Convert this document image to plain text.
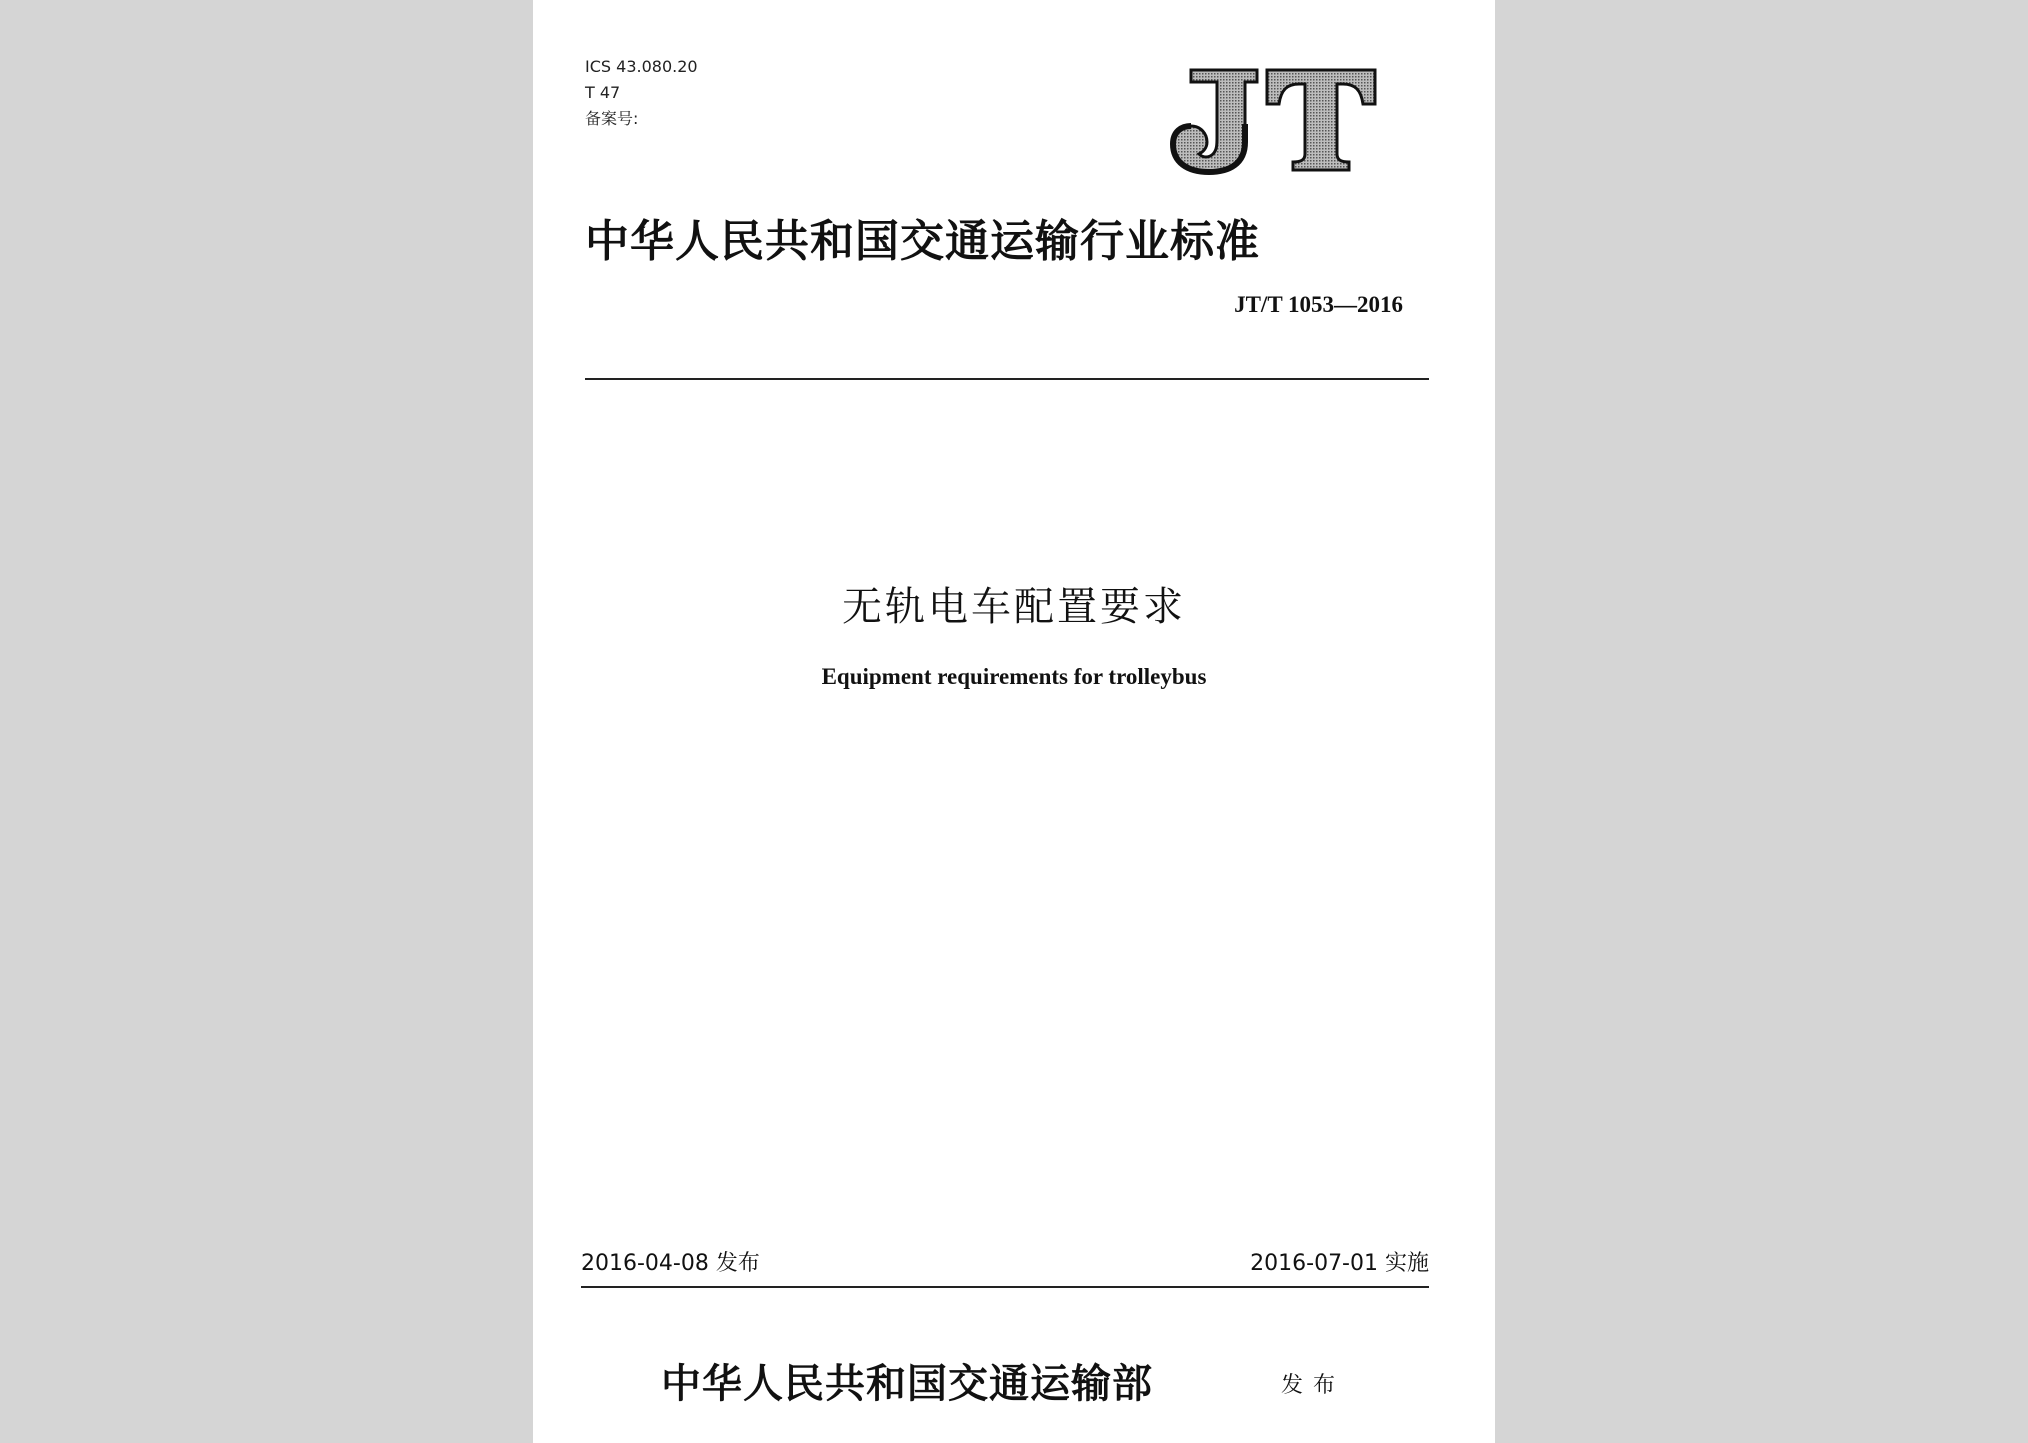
ICS 43.080.20
T 47
备案号:
中华人民共和国交通运输行业标准
JT/T 1053—2016
无轨电车配置要求
Equipment requirements for trolleybus
2016-04-08 发布	2016-07-01 实施
中华人民共和国交通运输部	发布
